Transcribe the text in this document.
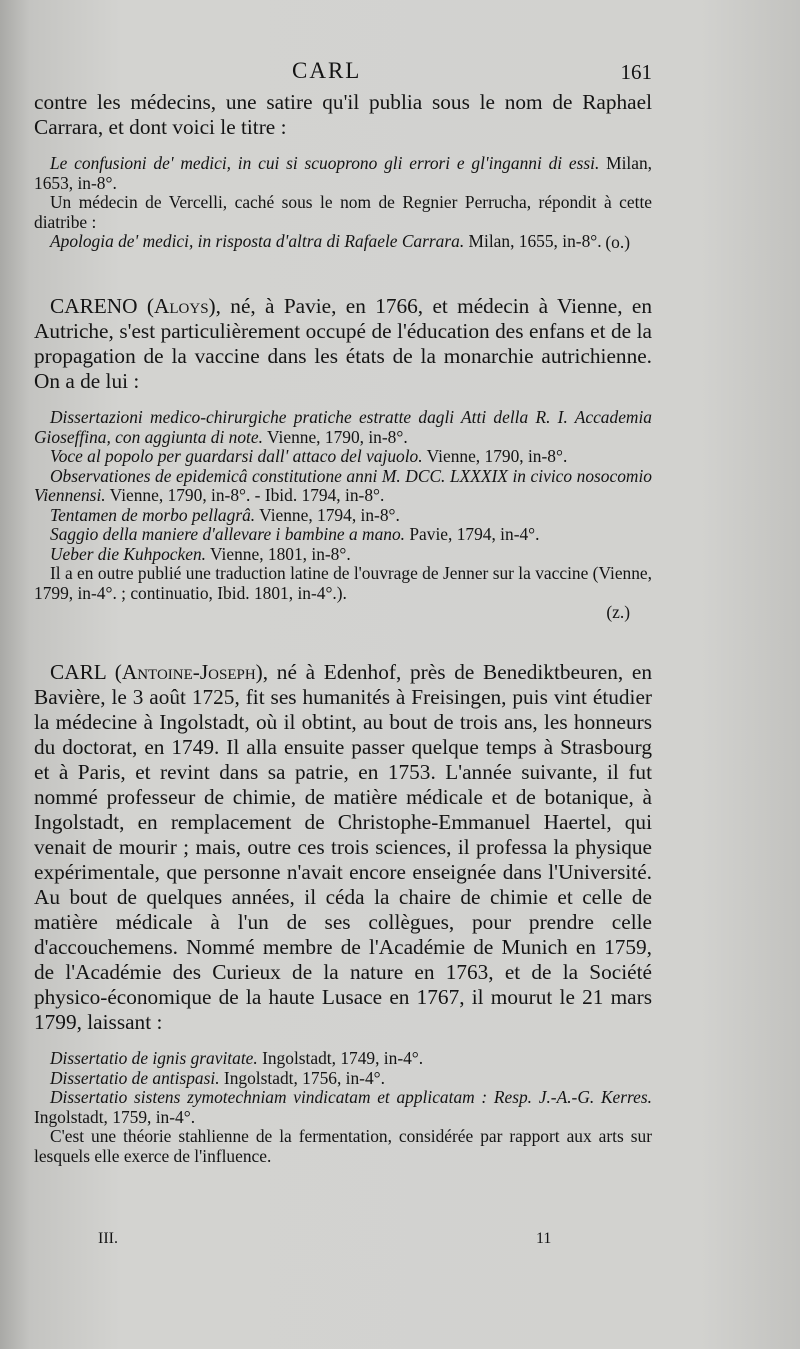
CARL	161

contre les médecins, une satire qu'il publia sous le nom de Raphael Carrara, et dont voici le titre :

Le confusioni de' medici, in cui si scuoprono gli errori e gl'inganni di essi. Milan, 1653, in-8°.

Un médecin de Vercelli, caché sous le nom de Regnier Perrucha, répondit à cette diatribe :

Apologia de' medici, in risposta d'altra di Rafaele Carrara. Milan, 1655, in-8°. (o.)

CARENO (Aloys), né, à Pavie, en 1766, et médecin à Vienne, en Autriche, s'est particulièrement occupé de l'éducation des enfans et de la propagation de la vaccine dans les états de la monarchie autrichienne. On a de lui :

Dissertazioni medico-chirurgiche pratiche estratte dagli Atti della R. I. Accademia Gioseffina, con aggiunta di note. Vienne, 1790, in-8°.

Voce al popolo per guardarsi dall' attaco del vajuolo. Vienne, 1790, in-8°.

Observationes de epidemicâ constitutione anni M. DCC. LXXXIX in civico nosocomio Viennensi. Vienne, 1790, in-8°. - Ibid. 1794, in-8°.

Tentamen de morbo pellagrâ. Vienne, 1794, in-8°.

Saggio della maniere d'allevare i bambine a mano. Pavie, 1794, in-4°.

Ueber die Kuhpocken. Vienne, 1801, in-8°.

Il a en outre publié une traduction latine de l'ouvrage de Jenner sur la vaccine (Vienne, 1799, in-4°. ; continuatio, Ibid. 1801, in-4°.).

(z.)

CARL (Antoine-Joseph), né à Edenhof, près de Benediktbeuren, en Bavière, le 3 août 1725, fit ses humanités à Freisingen, puis vint étudier la médecine à Ingolstadt, où il obtint, au bout de trois ans, les honneurs du doctorat, en 1749. Il alla ensuite passer quelque temps à Strasbourg et à Paris, et revint dans sa patrie, en 1753. L'année suivante, il fut nommé professeur de chimie, de matière médicale et de botanique, à Ingolstadt, en remplacement de Christophe-Emmanuel Haertel, qui venait de mourir ; mais, outre ces trois sciences, il professa la physique expérimentale, que personne n'avait encore enseignée dans l'Université. Au bout de quelques années, il céda la chaire de chimie et celle de matière médicale à l'un de ses collègues, pour prendre celle d'accouchemens. Nommé membre de l'Académie de Munich en 1759, de l'Académie des Curieux de la nature en 1763, et de la Société physico-économique de la haute Lusace en 1767, il mourut le 21 mars 1799, laissant :

Dissertatio de ignis gravitate. Ingolstadt, 1749, in-4°.

Dissertatio de antispasi. Ingolstadt, 1756, in-4°.

Dissertatio sistens zymotechniam vindicatam et applicatam : Resp. J.-A.-G. Kerres. Ingolstadt, 1759, in-4°.

C'est une théorie stahlienne de la fermentation, considérée par rapport aux arts sur lesquels elle exerce de l'influence.

III.	11
